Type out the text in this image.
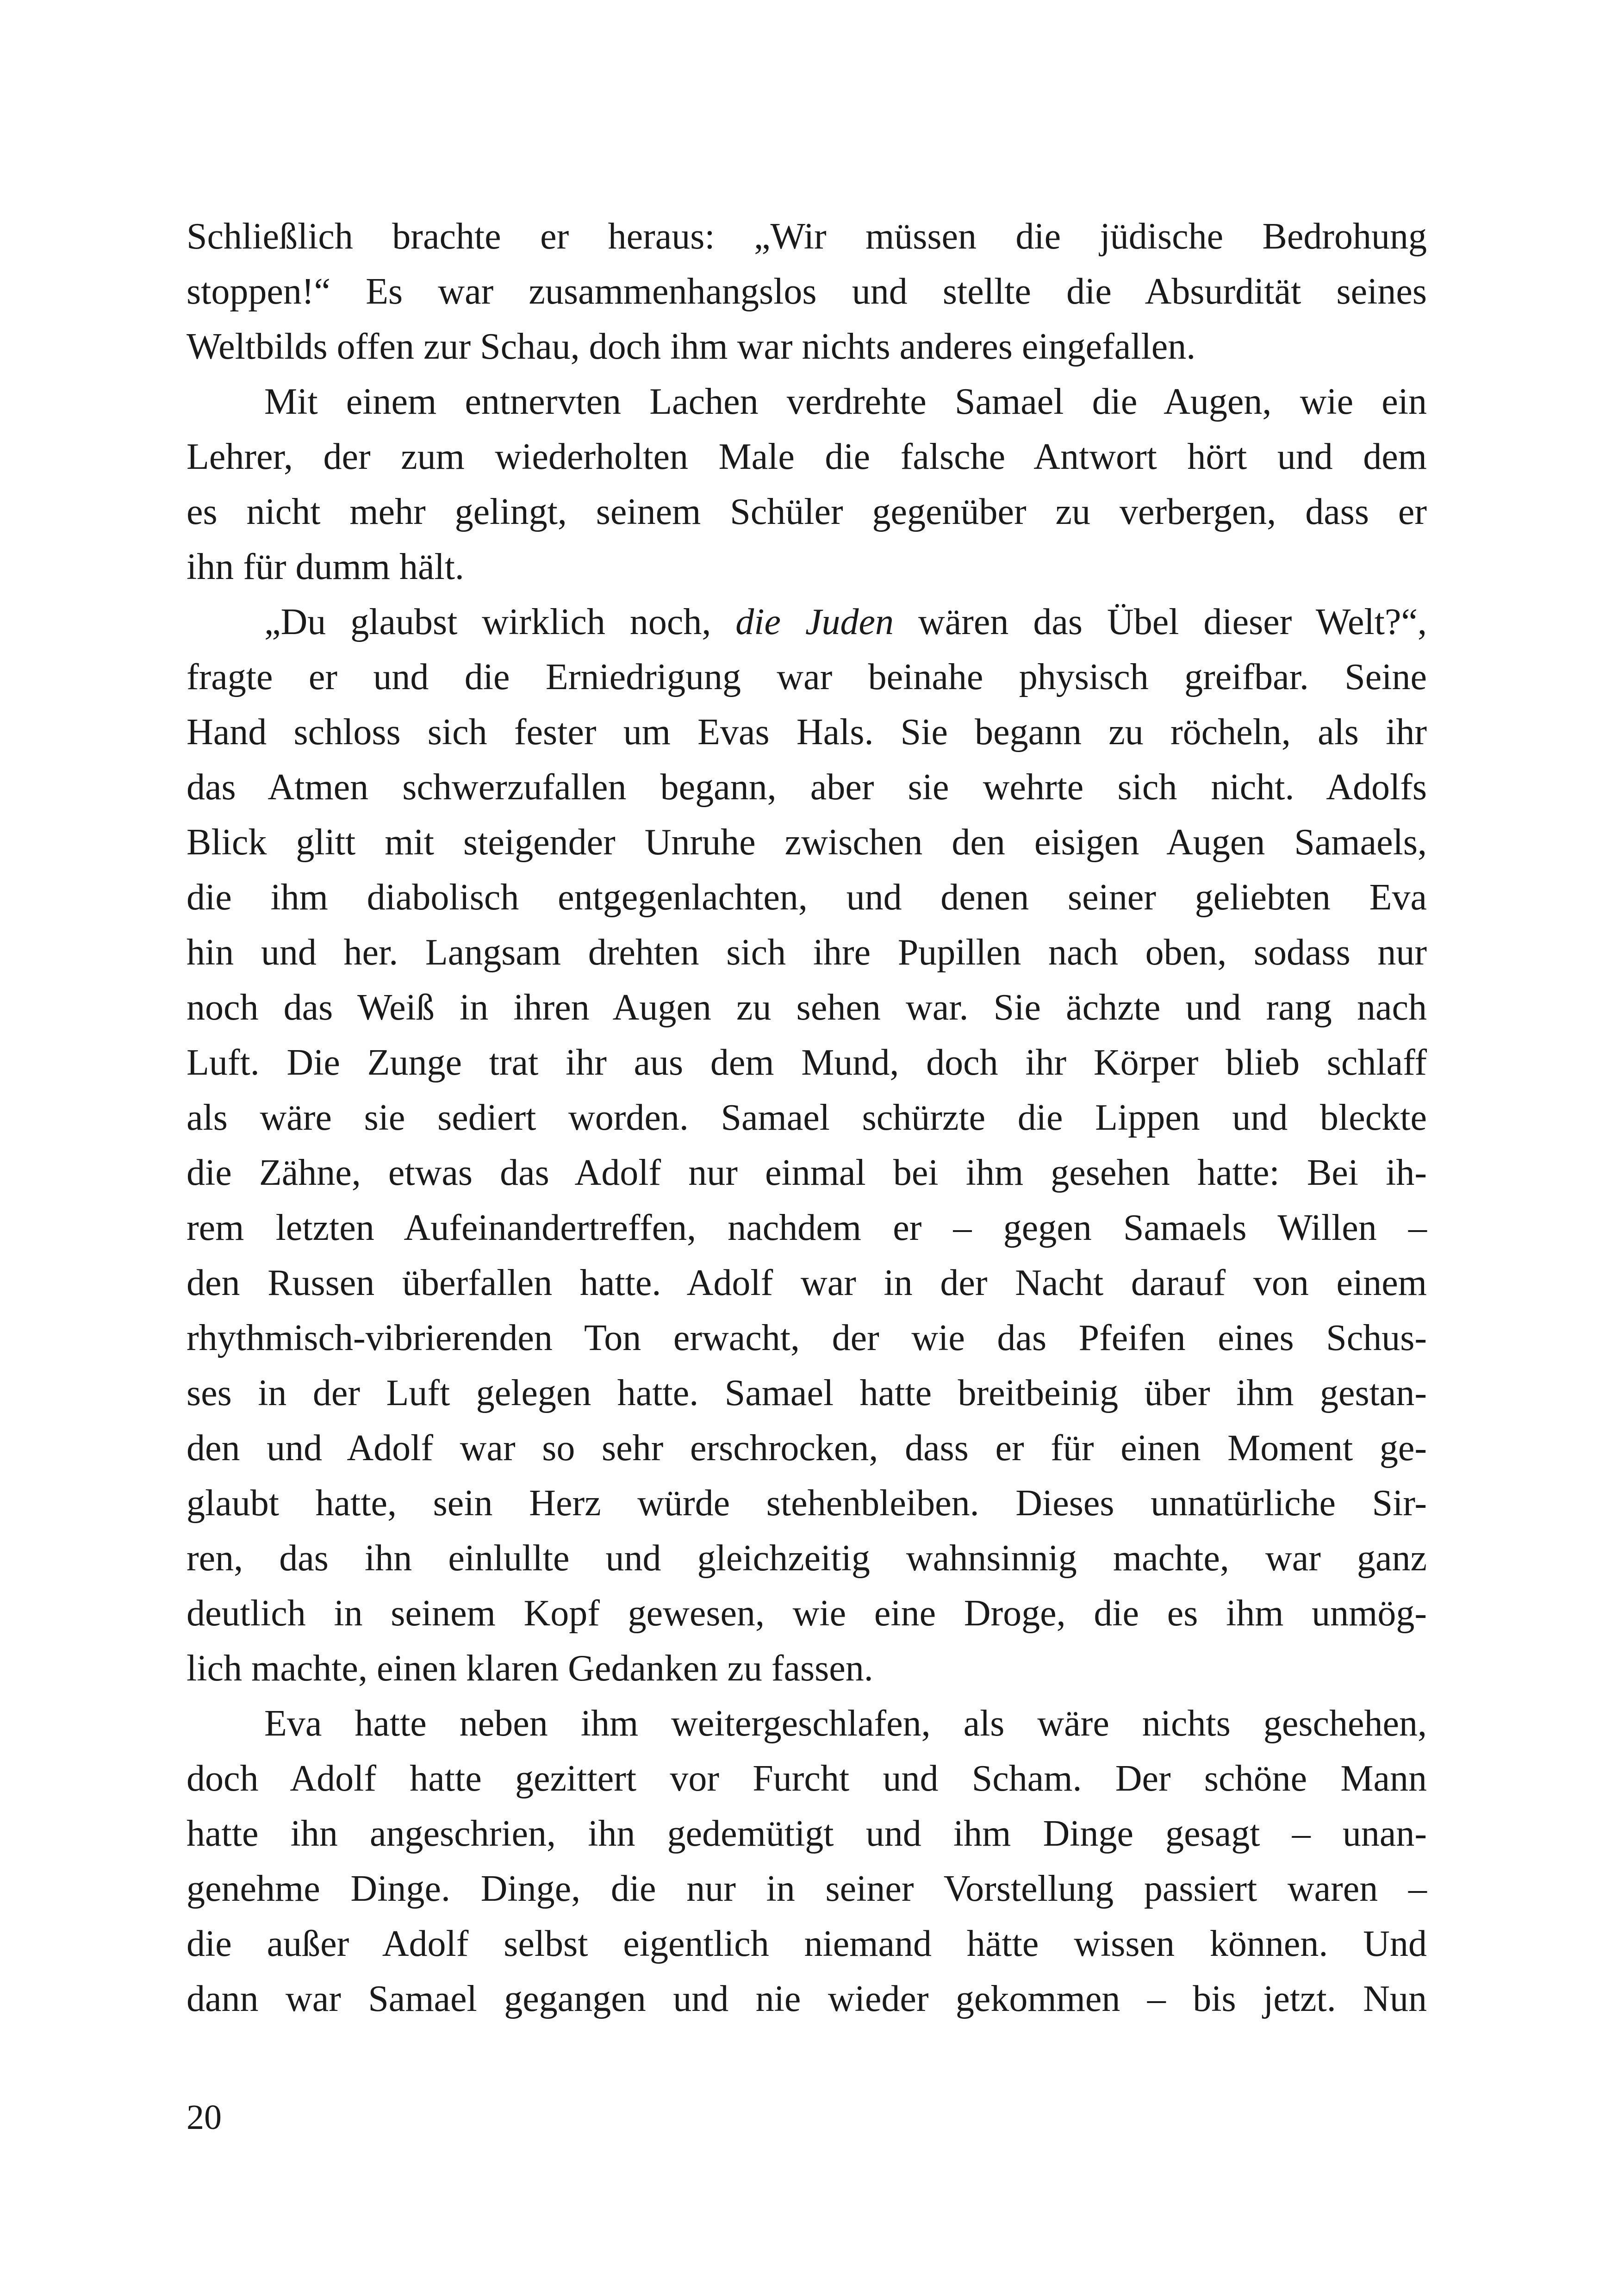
Schließlich brachte er heraus: „Wir müssen die jüdische Bedrohung
stoppen!“ Es war zusammenhangslos und stellte die Absurdität seines
Weltbilds offen zur Schau, doch ihm war nichts anderes eingefallen.
Mit einem entnervten Lachen verdrehte Samael die Augen, wie ein
Lehrer, der zum wiederholten Male die falsche Antwort hört und dem
es nicht mehr gelingt, seinem Schüler gegenüber zu verbergen, dass er
ihn für dumm hält.
„Du glaubst wirklich noch, die Juden wären das Übel dieser Welt?“,
fragte er und die Erniedrigung war beinahe physisch greifbar. Seine
Hand schloss sich fester um Evas Hals. Sie begann zu röcheln, als ihr
das Atmen schwerzufallen begann, aber sie wehrte sich nicht. Adolfs
Blick glitt mit steigender Unruhe zwischen den eisigen Augen Samaels,
die ihm diabolisch entgegenlachten, und denen seiner geliebten Eva
hin und her. Langsam drehten sich ihre Pupillen nach oben, sodass nur
noch das Weiß in ihren Augen zu sehen war. Sie ächzte und rang nach
Luft. Die Zunge trat ihr aus dem Mund, doch ihr Körper blieb schlaff
als wäre sie sediert worden. Samael schürzte die Lippen und bleckte
die Zähne, etwas das Adolf nur einmal bei ihm gesehen hatte: Bei ih-
rem letzten Aufeinandertreffen, nachdem er – gegen Samaels Willen –
den Russen überfallen hatte. Adolf war in der Nacht darauf von einem
rhythmisch-vibrierenden Ton erwacht, der wie das Pfeifen eines Schus-
ses in der Luft gelegen hatte. Samael hatte breitbeinig über ihm gestan-
den und Adolf war so sehr erschrocken, dass er für einen Moment ge-
glaubt hatte, sein Herz würde stehenbleiben. Dieses unnatürliche Sir-
ren, das ihn einlullte und gleichzeitig wahnsinnig machte, war ganz
deutlich in seinem Kopf gewesen, wie eine Droge, die es ihm unmög-
lich machte, einen klaren Gedanken zu fassen.
Eva hatte neben ihm weitergeschlafen, als wäre nichts geschehen,
doch Adolf hatte gezittert vor Furcht und Scham. Der schöne Mann
hatte ihn angeschrien, ihn gedemütigt und ihm Dinge gesagt – unan-
genehme Dinge. Dinge, die nur in seiner Vorstellung passiert waren –
die außer Adolf selbst eigentlich niemand hätte wissen können. Und
dann war Samael gegangen und nie wieder gekommen – bis jetzt. Nun
20
